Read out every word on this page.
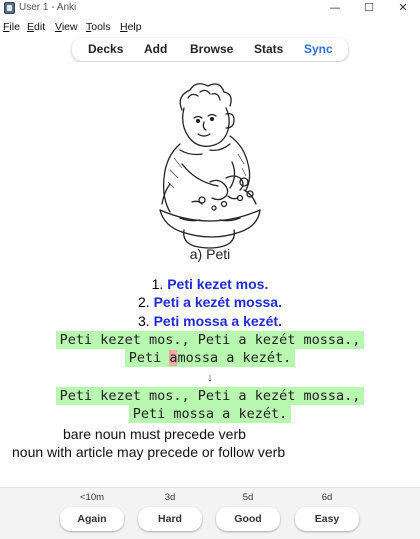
User 1 - Anki	—	☐	✕
File Edit View Tools Help
Decks Add Browse Stats Sync
a) Peti
1. Peti kezet mos.
2. Peti a kezét mossa.
3. Peti mossa a kezét.
Peti kezet mos., Peti a kezét mossa.,
Peti amossa a kezét.
↓
Peti kezet mos., Peti a kezét mossa.,
Peti mossa a kezét.
bare noun must precede verb
noun with article may precede or follow verb
<10m
Again
3d
Hard
5d
Good
6d
Easy
